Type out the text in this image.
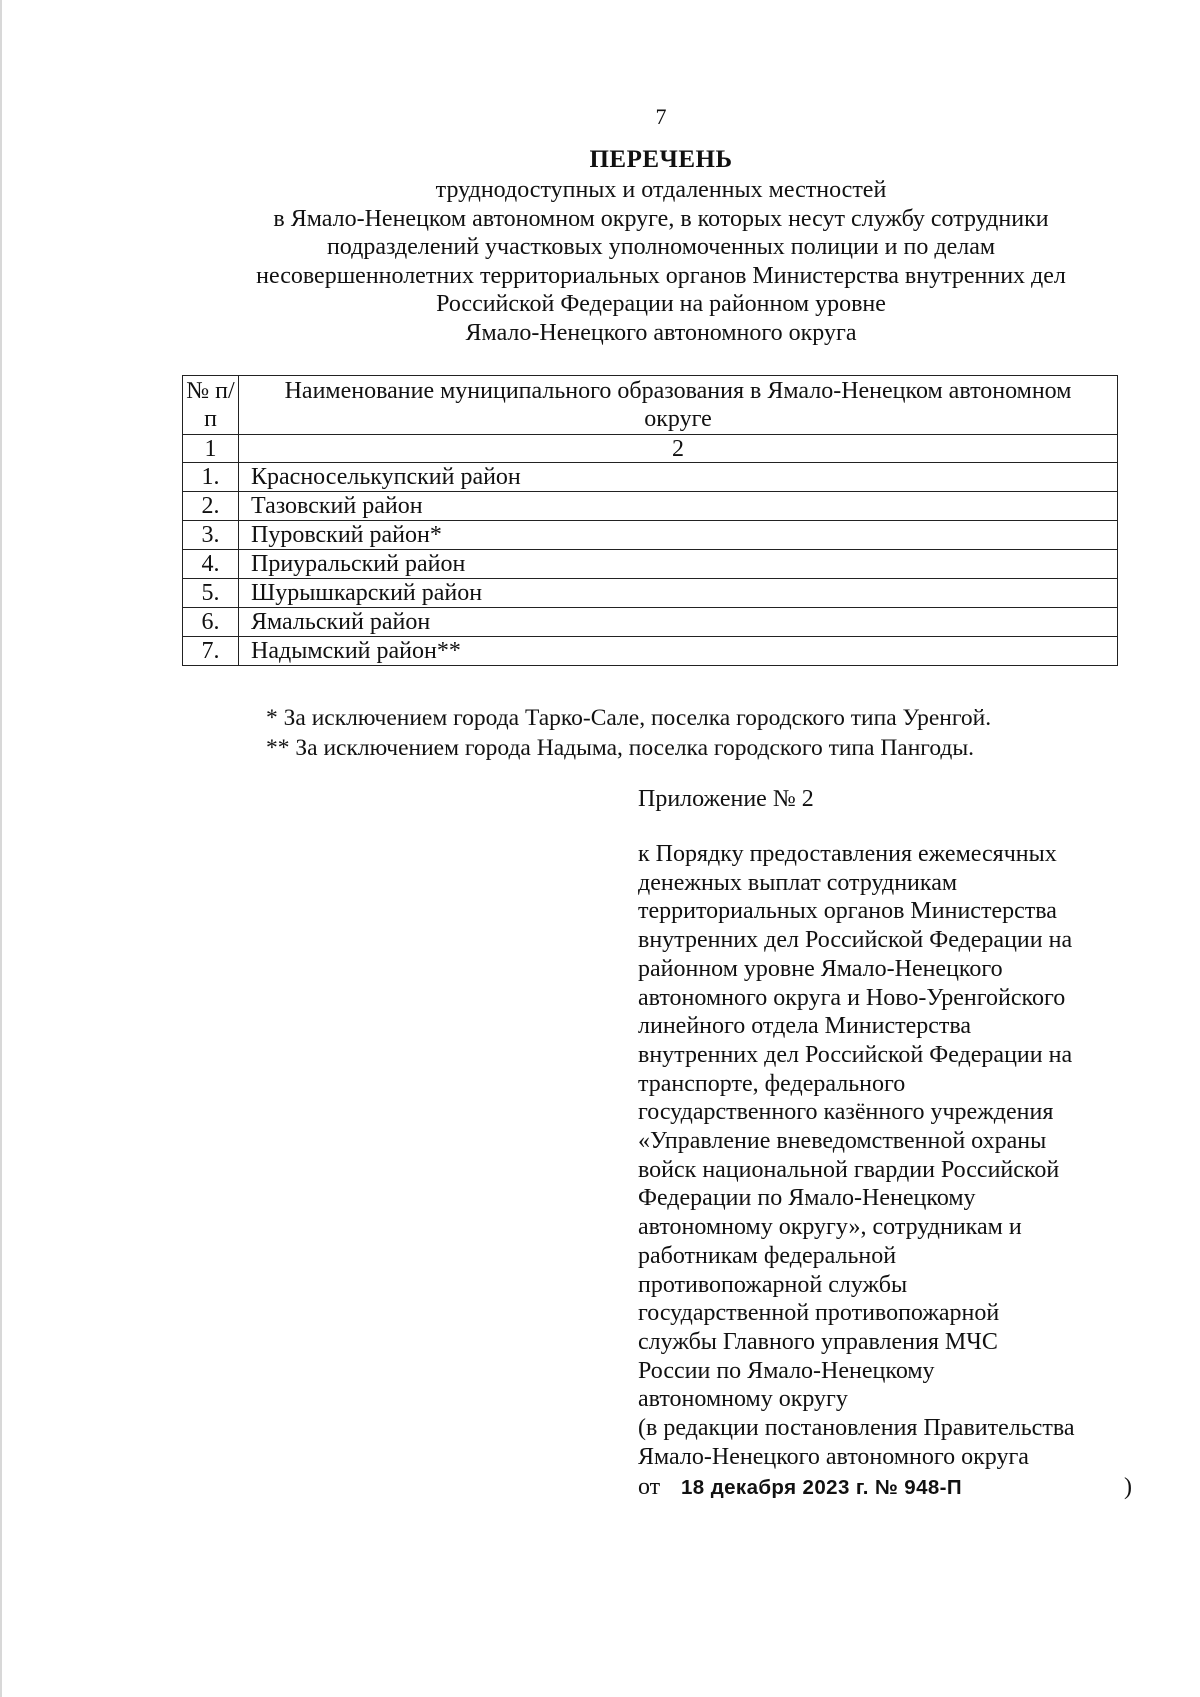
7
ПЕРЕЧЕНЬ
труднодоступных и отдаленных местностей
в Ямало-Ненецком автономном округе, в которых несут службу сотрудники
подразделений участковых уполномоченных полиции и по делам
несовершеннолетних территориальных органов Министерства внутренних дел
Российской Федерации на районном уровне
Ямало-Ненецкого автономного округа
№ п/п	Наименование муниципального образования в Ямало-Ненецком автономном округе
1	2
1.	Красноселькупский район
2.	Тазовский район
3.	Пуровский район*
4.	Приуральский район
5.	Шурышкарский район
6.	Ямальский район
7.	Надымский район**
* За исключением города Тарко-Сале, поселка городского типа Уренгой.
** За исключением города Надыма, поселка городского типа Пангоды.
Приложение № 2
к Порядку предоставления ежемесячных
денежных выплат сотрудникам
территориальных органов Министерства
внутренних дел Российской Федерации на
районном уровне Ямало-Ненецкого
автономного округа и Ново-Уренгойского
линейного отдела Министерства
внутренних дел Российской Федерации на
транспорте, федерального
государственного казённого учреждения
«Управление вневедомственной охраны
войск национальной гвардии Российской
Федерации по Ямало-Ненецкому
автономному округу», сотрудникам и
работникам федеральной
противопожарной службы
государственной противопожарной
службы Главного управления МЧС
России по Ямало-Ненецкому
автономному округу
(в редакции постановления Правительства
Ямало-Ненецкого автономного округа
от 18 декабря 2023 г. № 948-П	)
